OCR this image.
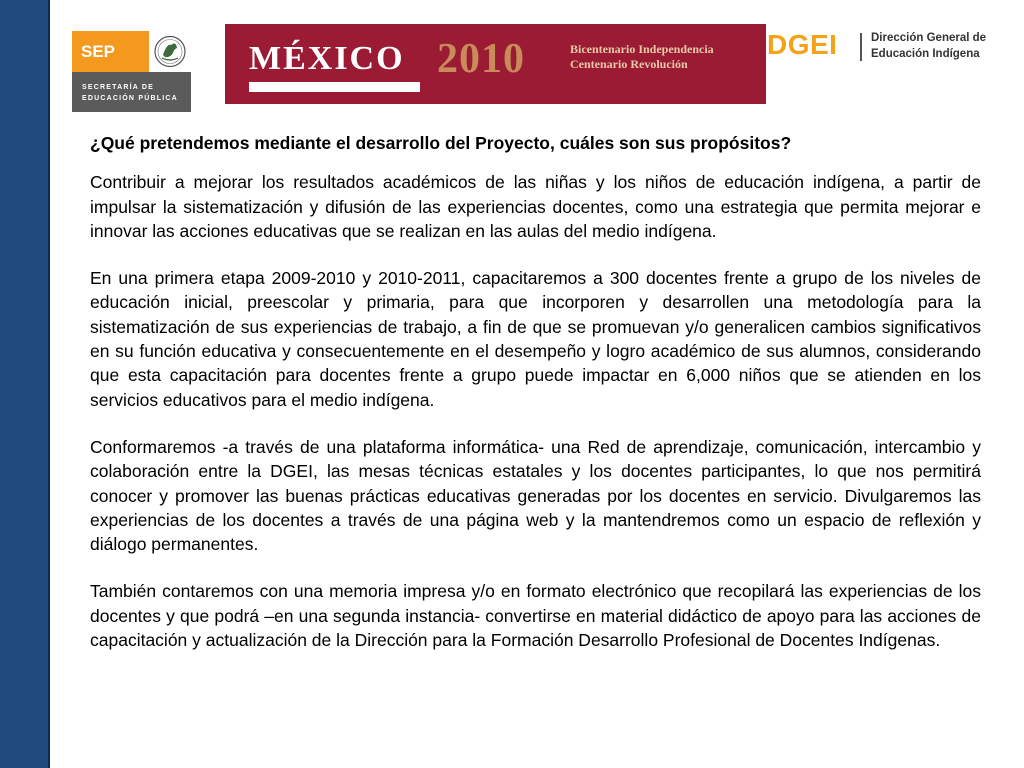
SEP
SECRETARÍA DE
EDUCACIÓN PÚBLICA
MÉXICO 2010	Bicentenario Independencia
Centenario Revolución
DGEI	Dirección General de
Educación Indígena

¿Qué pretendemos mediante el desarrollo del Proyecto, cuáles son sus propósitos?

Contribuir a mejorar los resultados académicos de las niñas y los niños de educación indígena, a partir de impulsar la sistematización y difusión de las experiencias docentes, como una estrategia que permita mejorar e innovar las acciones educativas que se realizan en las aulas del medio indígena.

En una primera etapa 2009-2010 y 2010-2011, capacitaremos a 300 docentes frente a grupo de los niveles de educación inicial, preescolar y primaria, para que incorporen y desarrollen una metodología para la sistematización de sus experiencias de trabajo, a fin de que se promuevan y/o generalicen cambios significativos en su función educativa y consecuentemente en el desempeño y logro académico de sus alumnos, considerando que esta capacitación para docentes frente a grupo puede impactar en 6,000 niños que se atienden en los servicios educativos para el medio indígena.

Conformaremos -a través de una plataforma informática- una Red de aprendizaje, comunicación, intercambio y colaboración entre la DGEI, las mesas técnicas estatales y los docentes participantes, lo que nos permitirá conocer y promover las buenas prácticas educativas generadas por los docentes en servicio. Divulgaremos las experiencias de los docentes a través de una página web y la mantendremos como un espacio de reflexión y diálogo permanentes.

También contaremos con una memoria impresa y/o en formato electrónico que recopilará las experiencias de los docentes y que podrá –en una segunda instancia- convertirse en material didáctico de apoyo para las acciones de capacitación y actualización de la Dirección para la Formación Desarrollo Profesional de Docentes Indígenas.
